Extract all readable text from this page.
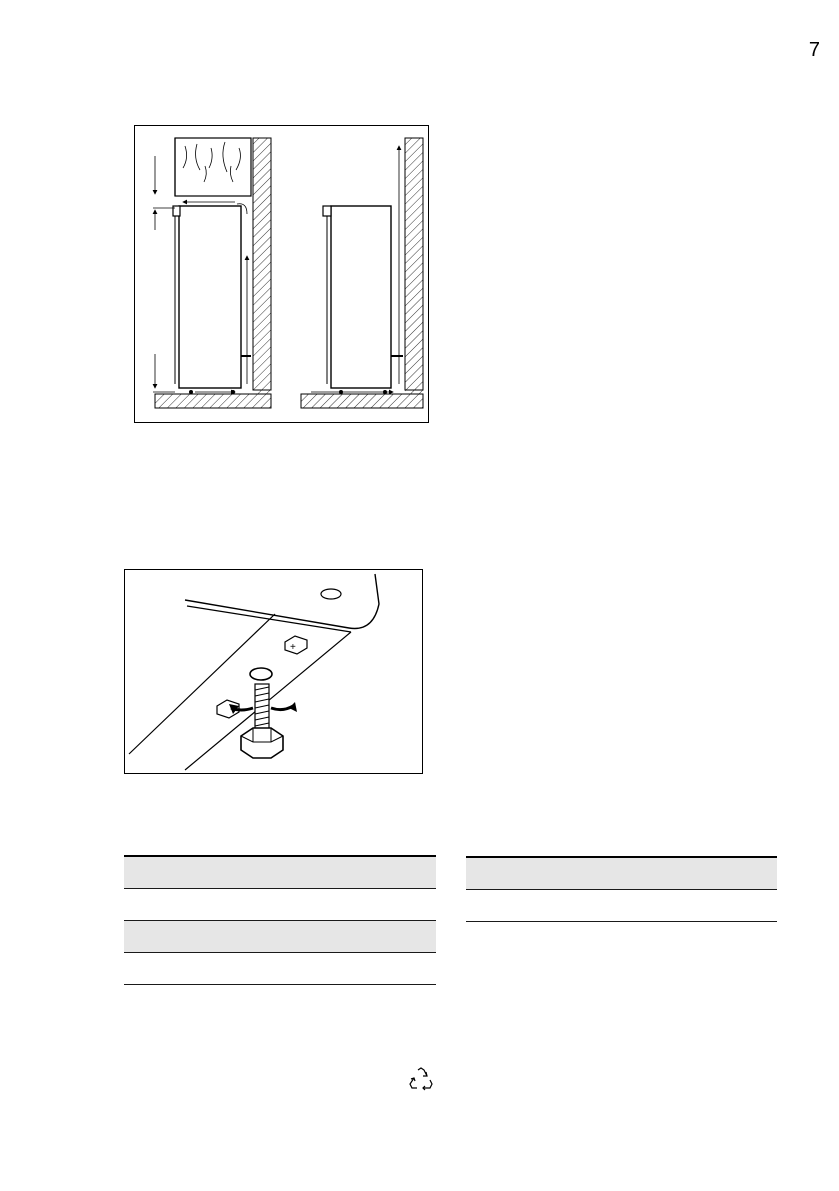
7
+
